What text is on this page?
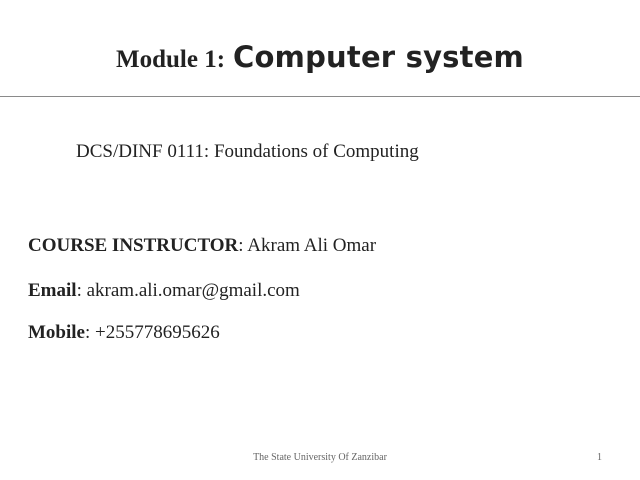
Module 1: Computer system
DCS/DINF 0111: Foundations of Computing
COURSE INSTRUCTOR: Akram Ali Omar
Email: akram.ali.omar@gmail.com
Mobile: +255778695626
The State University Of Zanzibar	1
